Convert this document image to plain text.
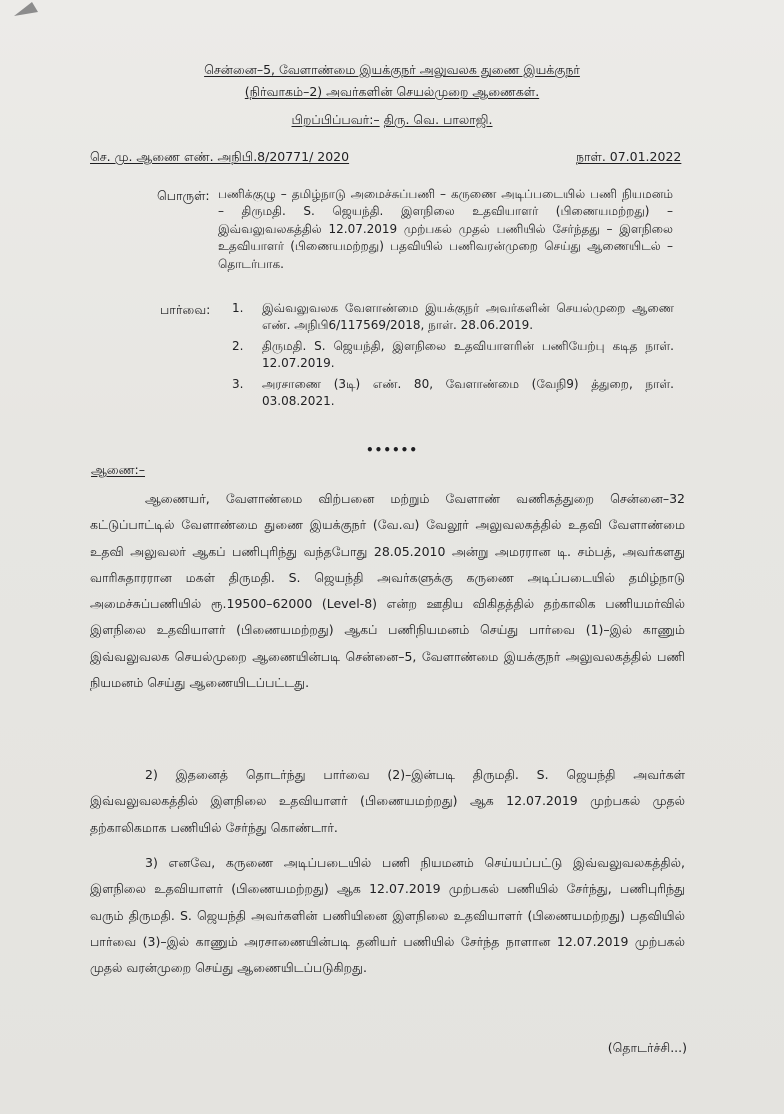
சென்னை–5, வேளாண்மை இயக்குநர் அலுவலக துணை இயக்குநர்
(நிர்வாகம்–2) அவர்களின் செயல்முறை ஆணைகள்.
பிறப்பிப்பவர்:– திரு. வெ. பாலாஜி.
செ. மு. ஆணை எண். அநிபி.8/20771/ 2020	நாள். 07.01.2022
பொருள்: பணிக்குழு – தமிழ்நாடு அமைச்சுப்பணி – கருணை அடிப்படையில் பணி நியமனம் – திருமதி. S. ஜெயந்தி. இளநிலை உதவியாளர் (பிணையமற்றது) – இவ்வலுவலகத்தில் 12.07.2019 முற்பகல் முதல் பணியில் சேர்ந்தது – இளநிலை உதவியாளர் (பிணையமற்றது) பதவியில் பணிவரன்முறை செய்து ஆணையிடல் – தொடர்பாக.
பார்வை: 1. இவ்வலுவலக வேளாண்மை இயக்குநர் அவர்களின் செயல்முறை ஆணை எண். அநிபி6/117569/2018, நாள். 28.06.2019.
2. திருமதி. S. ஜெயந்தி, இளநிலை உதவியாளரின் பணியேற்பு கடித நாள். 12.07.2019.
3. அரசாணை (3டி) எண். 80, வேளாண்மை (வேநி9) த்துறை, நாள். 03.08.2021.
••••••
ஆணை:–
ஆணையர், வேளாண்மை விற்பனை மற்றும் வேளாண் வணிகத்துறை சென்னை–32 கட்டுப்பாட்டில் வேளாண்மை துணை இயக்குநர் (வே.வ) வேலூர் அலுவலகத்தில் உதவி வேளாண்மை உதவி அலுவலர் ஆகப் பணிபுரிந்து வந்தபோது 28.05.2010 அன்று அமரரான டி. சம்பத், அவர்களது வாரிசுதாரரான மகள் திருமதி. S. ஜெயந்தி அவர்களுக்கு கருணை அடிப்படையில் தமிழ்நாடு அமைச்சுப்பணியில் ரூ.19500–62000 (Level-8) என்ற ஊதிய விகிதத்தில் தற்காலிக பணியமர்வில் இளநிலை உதவியாளர் (பிணையமற்றது) ஆகப் பணிநியமனம் செய்து பார்வை (1)–இல் காணும் இவ்வலுவலக செயல்முறை ஆணையின்படி சென்னை–5, வேளாண்மை இயக்குநர் அலுவலகத்தில் பணி நியமனம் செய்து ஆணையிடப்பட்டது.
2) இதனைத் தொடர்ந்து பார்வை (2)–இன்படி திருமதி. S. ஜெயந்தி அவர்கள் இவ்வலுவலகத்தில் இளநிலை உதவியாளர் (பிணையமற்றது) ஆக 12.07.2019 முற்பகல் முதல் தற்காலிகமாக பணியில் சேர்ந்து கொண்டார்.
3) எனவே, கருணை அடிப்படையில் பணி நியமனம் செய்யப்பட்டு இவ்வலுவலகத்தில், இளநிலை உதவியாளர் (பிணையமற்றது) ஆக 12.07.2019 முற்பகல் பணியில் சேர்ந்து, பணிபுரிந்து வரும் திருமதி. S. ஜெயந்தி அவர்களின் பணியினை இளநிலை உதவியாளர் (பிணையமற்றது) பதவியில் பார்வை (3)–இல் காணும் அரசாணையின்படி தனியர் பணியில் சேர்ந்த நாளான 12.07.2019 முற்பகல் முதல் வரன்முறை செய்து ஆணையிடப்படுகிறது.
(தொடர்ச்சி...)
